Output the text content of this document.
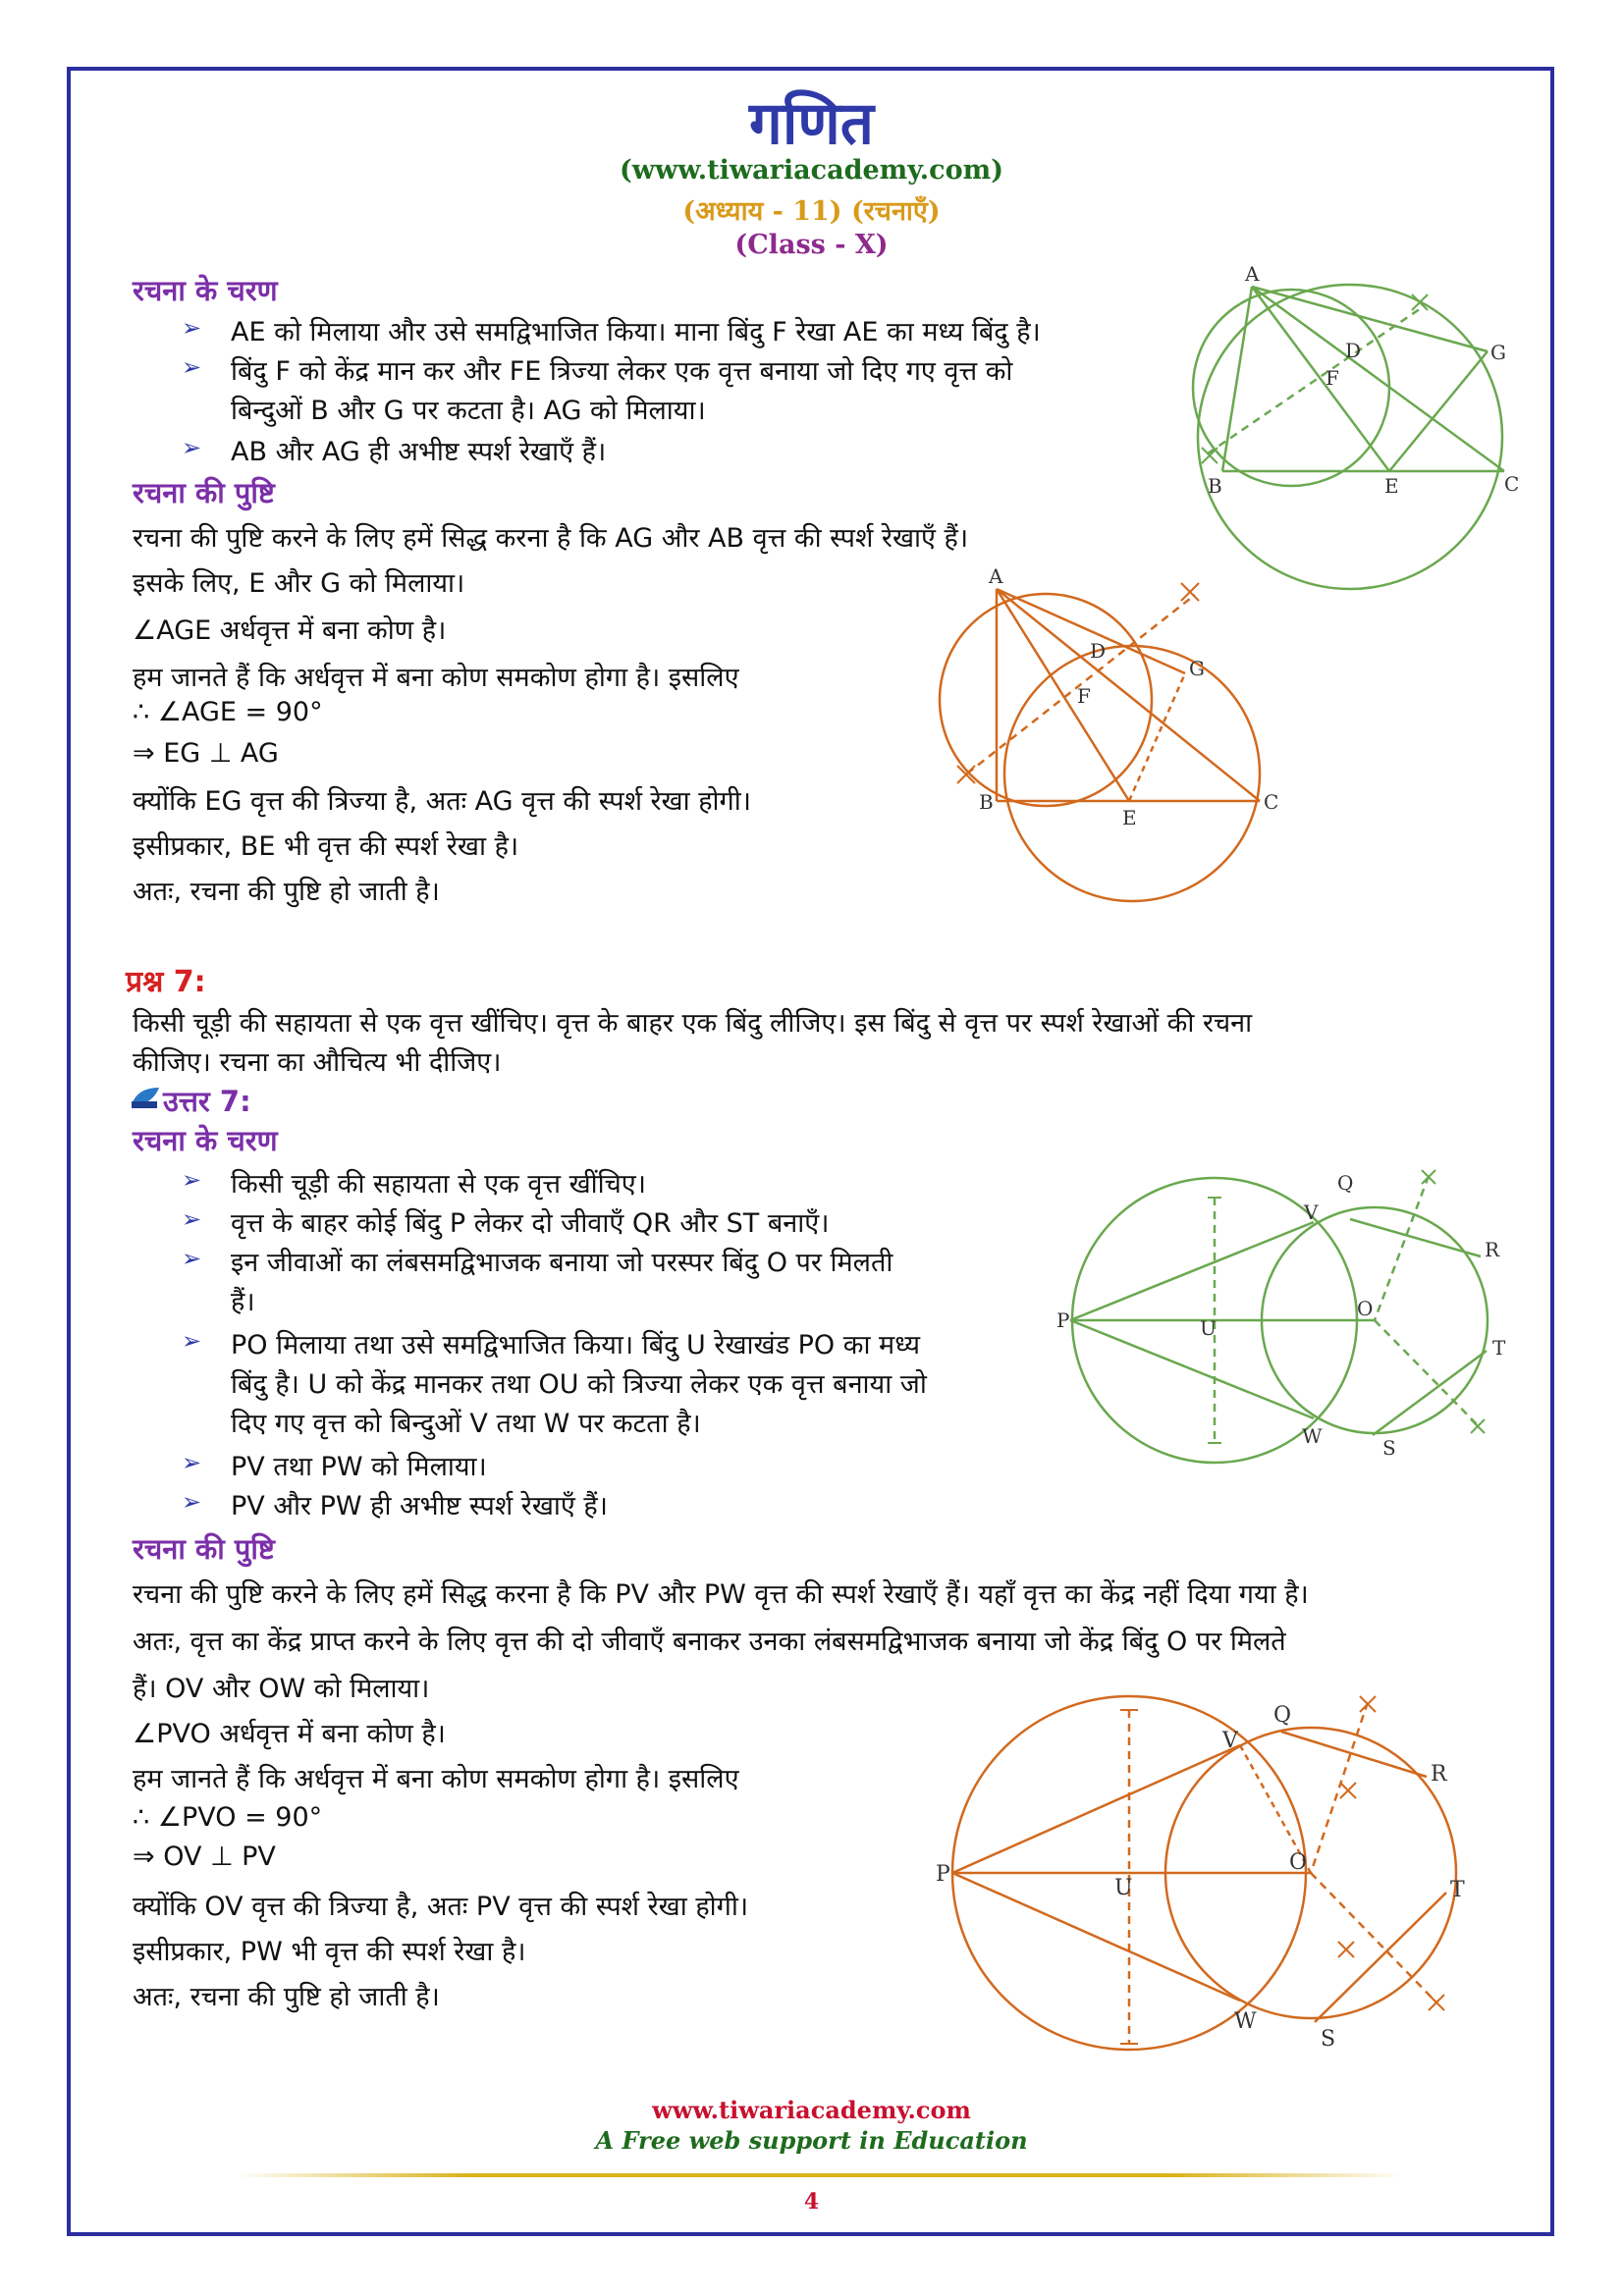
गणित
(www.tiwariacademy.com)
(अध्याय - 11) (रचनाएँ)
(Class - X)
रचना के चरण
➢ AE को मिलाया और उसे समद्विभाजित किया। माना बिंदु F रेखा AE का मध्य बिंदु है।
➢ बिंदु F को केंद्र मान कर और FE त्रिज्या लेकर एक वृत्त बनाया जो दिए गए वृत्त को
बिन्दुओं B और G पर कटता है। AG को मिलाया।
➢ AB और AG ही अभीष्ट स्पर्श रेखाएँ हैं।
रचना की पुष्टि
रचना की पुष्टि करने के लिए हमें सिद्ध करना है कि AG और AB वृत्त की स्पर्श रेखाएँ हैं।
इसके लिए, E और G को मिलाया।
∠AGE अर्धवृत्त में बना कोण है।
हम जानते हैं कि अर्धवृत्त में बना कोण समकोण होगा है। इसलिए
∴ ∠AGE = 90°
⇒ EG ⊥ AG
क्योंकि EG वृत्त की त्रिज्या है, अतः AG वृत्त की स्पर्श रेखा होगी।
इसीप्रकार, BE भी वृत्त की स्पर्श रेखा है।
अतः, रचना की पुष्टि हो जाती है।
A
B	C
D
E
F
G
A
B	C
D
E
F
G
प्रश्न 7:
किसी चूड़ी की सहायता से एक वृत्त खींचिए। वृत्त के बाहर एक बिंदु लीजिए। इस बिंदु से वृत्त पर स्पर्श रेखाओं की रचना
कीजिए। रचना का औचित्य भी दीजिए।
उत्तर 7:
रचना के चरण
➢ किसी चूड़ी की सहायता से एक वृत्त खींचिए।
➢ वृत्त के बाहर कोई बिंदु P लेकर दो जीवाएँ QR और ST बनाएँ।
➢ इन जीवाओं का लंबसमद्विभाजक बनाया जो परस्पर बिंदु O पर मिलती
हैं।
➢ PO मिलाया तथा उसे समद्विभाजित किया। बिंदु U रेखाखंड PO का मध्य
बिंदु है। U को केंद्र मानकर तथा OU को त्रिज्या लेकर एक वृत्त बनाया जो
दिए गए वृत्त को बिन्दुओं V तथा W पर कटता है।
➢ PV तथा PW को मिलाया।
➢ PV और PW ही अभीष्ट स्पर्श रेखाएँ हैं।
P
Q
R
S
T
U
V
W
O
रचना की पुष्टि
रचना की पुष्टि करने के लिए हमें सिद्ध करना है कि PV और PW वृत्त की स्पर्श रेखाएँ हैं। यहाँ वृत्त का केंद्र नहीं दिया गया है।
अतः, वृत्त का केंद्र प्राप्त करने के लिए वृत्त की दो जीवाएँ बनाकर उनका लंबसमद्विभाजक बनाया जो केंद्र बिंदु O पर मिलते
हैं। OV और OW को मिलाया।
∠PVO अर्धवृत्त में बना कोण है।
हम जानते हैं कि अर्धवृत्त में बना कोण समकोण होगा है। इसलिए
∴ ∠PVO = 90°
⇒ OV ⊥ PV
क्योंकि OV वृत्त की त्रिज्या है, अतः PV वृत्त की स्पर्श रेखा होगी।
इसीप्रकार, PW भी वृत्त की स्पर्श रेखा है।
अतः, रचना की पुष्टि हो जाती है।
P
Q
R
S
T
U
V
W
O
www.tiwariacademy.com
A Free web support in Education
4
